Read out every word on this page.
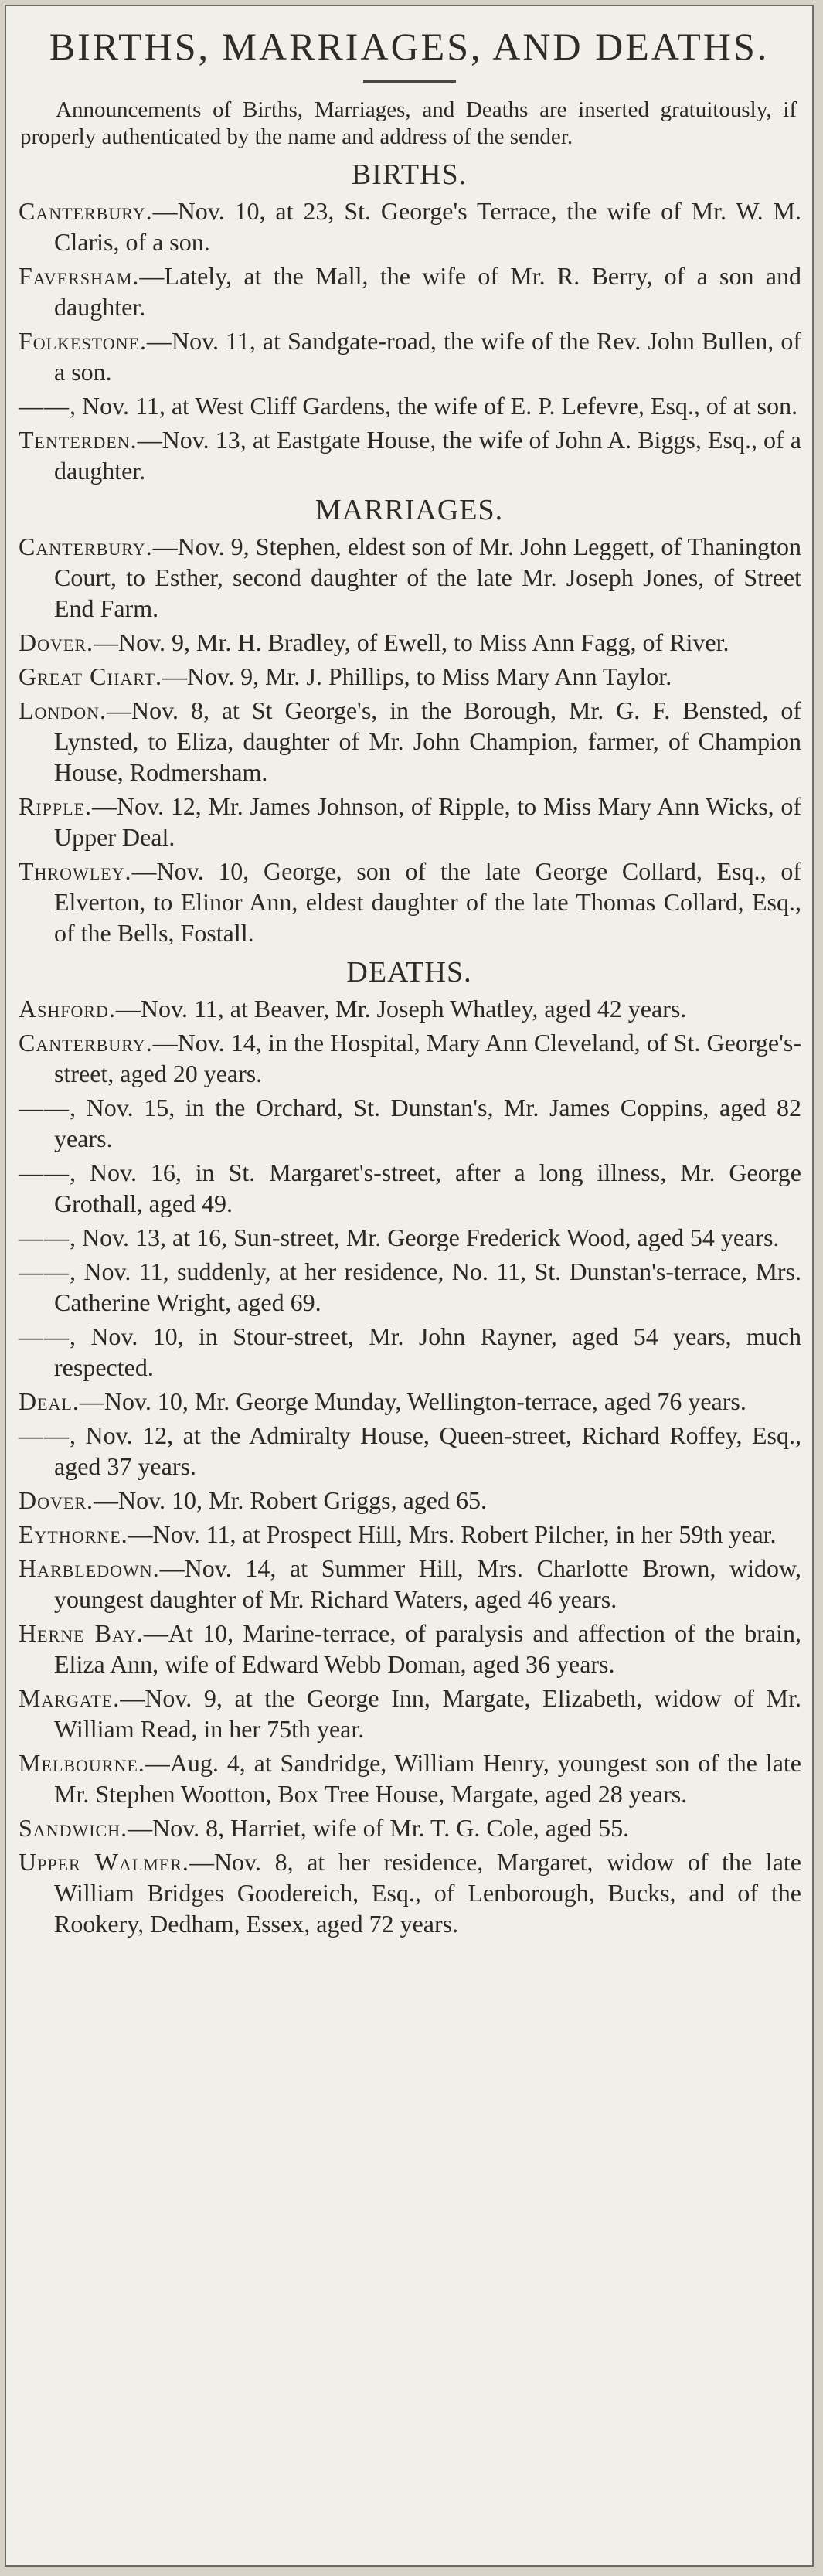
BIRTHS, MARRIAGES, AND DEATHS.

Announcements of Births, Marriages, and Deaths are inserted gratuitously, if properly authenticated by the name and address of the sender.

BIRTHS.

Canterbury.—Nov. 10, at 23, St. George's Terrace, the wife of Mr. W. M. Claris, of a son.

Faversham.—Lately, at the Mall, the wife of Mr. R. Berry, of a son and daughter.

Folkestone.—Nov. 11, at Sandgate-road, the wife of the Rev. John Bullen, of a son.

——, Nov. 11, at West Cliff Gardens, the wife of E. P. Lefevre, Esq., of at son.

Tenterden.—Nov. 13, at Eastgate House, the wife of John A. Biggs, Esq., of a daughter.

MARRIAGES.

Canterbury.—Nov. 9, Stephen, eldest son of Mr. John Leggett, of Thanington Court, to Esther, second daughter of the late Mr. Joseph Jones, of Street End Farm.

Dover.—Nov. 9, Mr. H. Bradley, of Ewell, to Miss Ann Fagg, of River.

Great Chart.—Nov. 9, Mr. J. Phillips, to Miss Mary Ann Taylor.

London.—Nov. 8, at St George's, in the Borough, Mr. G. F. Bensted, of Lynsted, to Eliza, daughter of Mr. John Champion, farmer, of Champion House, Rodmersham.

Ripple.—Nov. 12, Mr. James Johnson, of Ripple, to Miss Mary Ann Wicks, of Upper Deal.

Throwley.—Nov. 10, George, son of the late George Collard, Esq., of Elverton, to Elinor Ann, eldest daughter of the late Thomas Collard, Esq., of the Bells, Fostall.

DEATHS.

Ashford.—Nov. 11, at Beaver, Mr. Joseph Whatley, aged 42 years.

Canterbury.—Nov. 14, in the Hospital, Mary Ann Cleveland, of St. George's-street, aged 20 years.

——, Nov. 15, in the Orchard, St. Dunstan's, Mr. James Coppins, aged 82 years.

——, Nov. 16, in St. Margaret's-street, after a long illness, Mr. George Grothall, aged 49.

——, Nov. 13, at 16, Sun-street, Mr. George Frederick Wood, aged 54 years.

——, Nov. 11, suddenly, at her residence, No. 11, St. Dunstan's-terrace, Mrs. Catherine Wright, aged 69.

——, Nov. 10, in Stour-street, Mr. John Rayner, aged 54 years, much respected.

Deal.—Nov. 10, Mr. George Munday, Wellington-terrace, aged 76 years.

——, Nov. 12, at the Admiralty House, Queen-street, Richard Roffey, Esq., aged 37 years.

Dover.—Nov. 10, Mr. Robert Griggs, aged 65.

Eythorne.—Nov. 11, at Prospect Hill, Mrs. Robert Pilcher, in her 59th year.

Harbledown.—Nov. 14, at Summer Hill, Mrs. Charlotte Brown, widow, youngest daughter of Mr. Richard Waters, aged 46 years.

Herne Bay.—At 10, Marine-terrace, of paralysis and affection of the brain, Eliza Ann, wife of Edward Webb Doman, aged 36 years.

Margate.—Nov. 9, at the George Inn, Margate, Elizabeth, widow of Mr. William Read, in her 75th year.

Melbourne.—Aug. 4, at Sandridge, William Henry, youngest son of the late Mr. Stephen Wootton, Box Tree House, Margate, aged 28 years.

Sandwich.—Nov. 8, Harriet, wife of Mr. T. G. Cole, aged 55.

Upper Walmer.—Nov. 8, at her residence, Margaret, widow of the late William Bridges Goodereich, Esq., of Lenborough, Bucks, and of the Rookery, Dedham, Essex, aged 72 years.
